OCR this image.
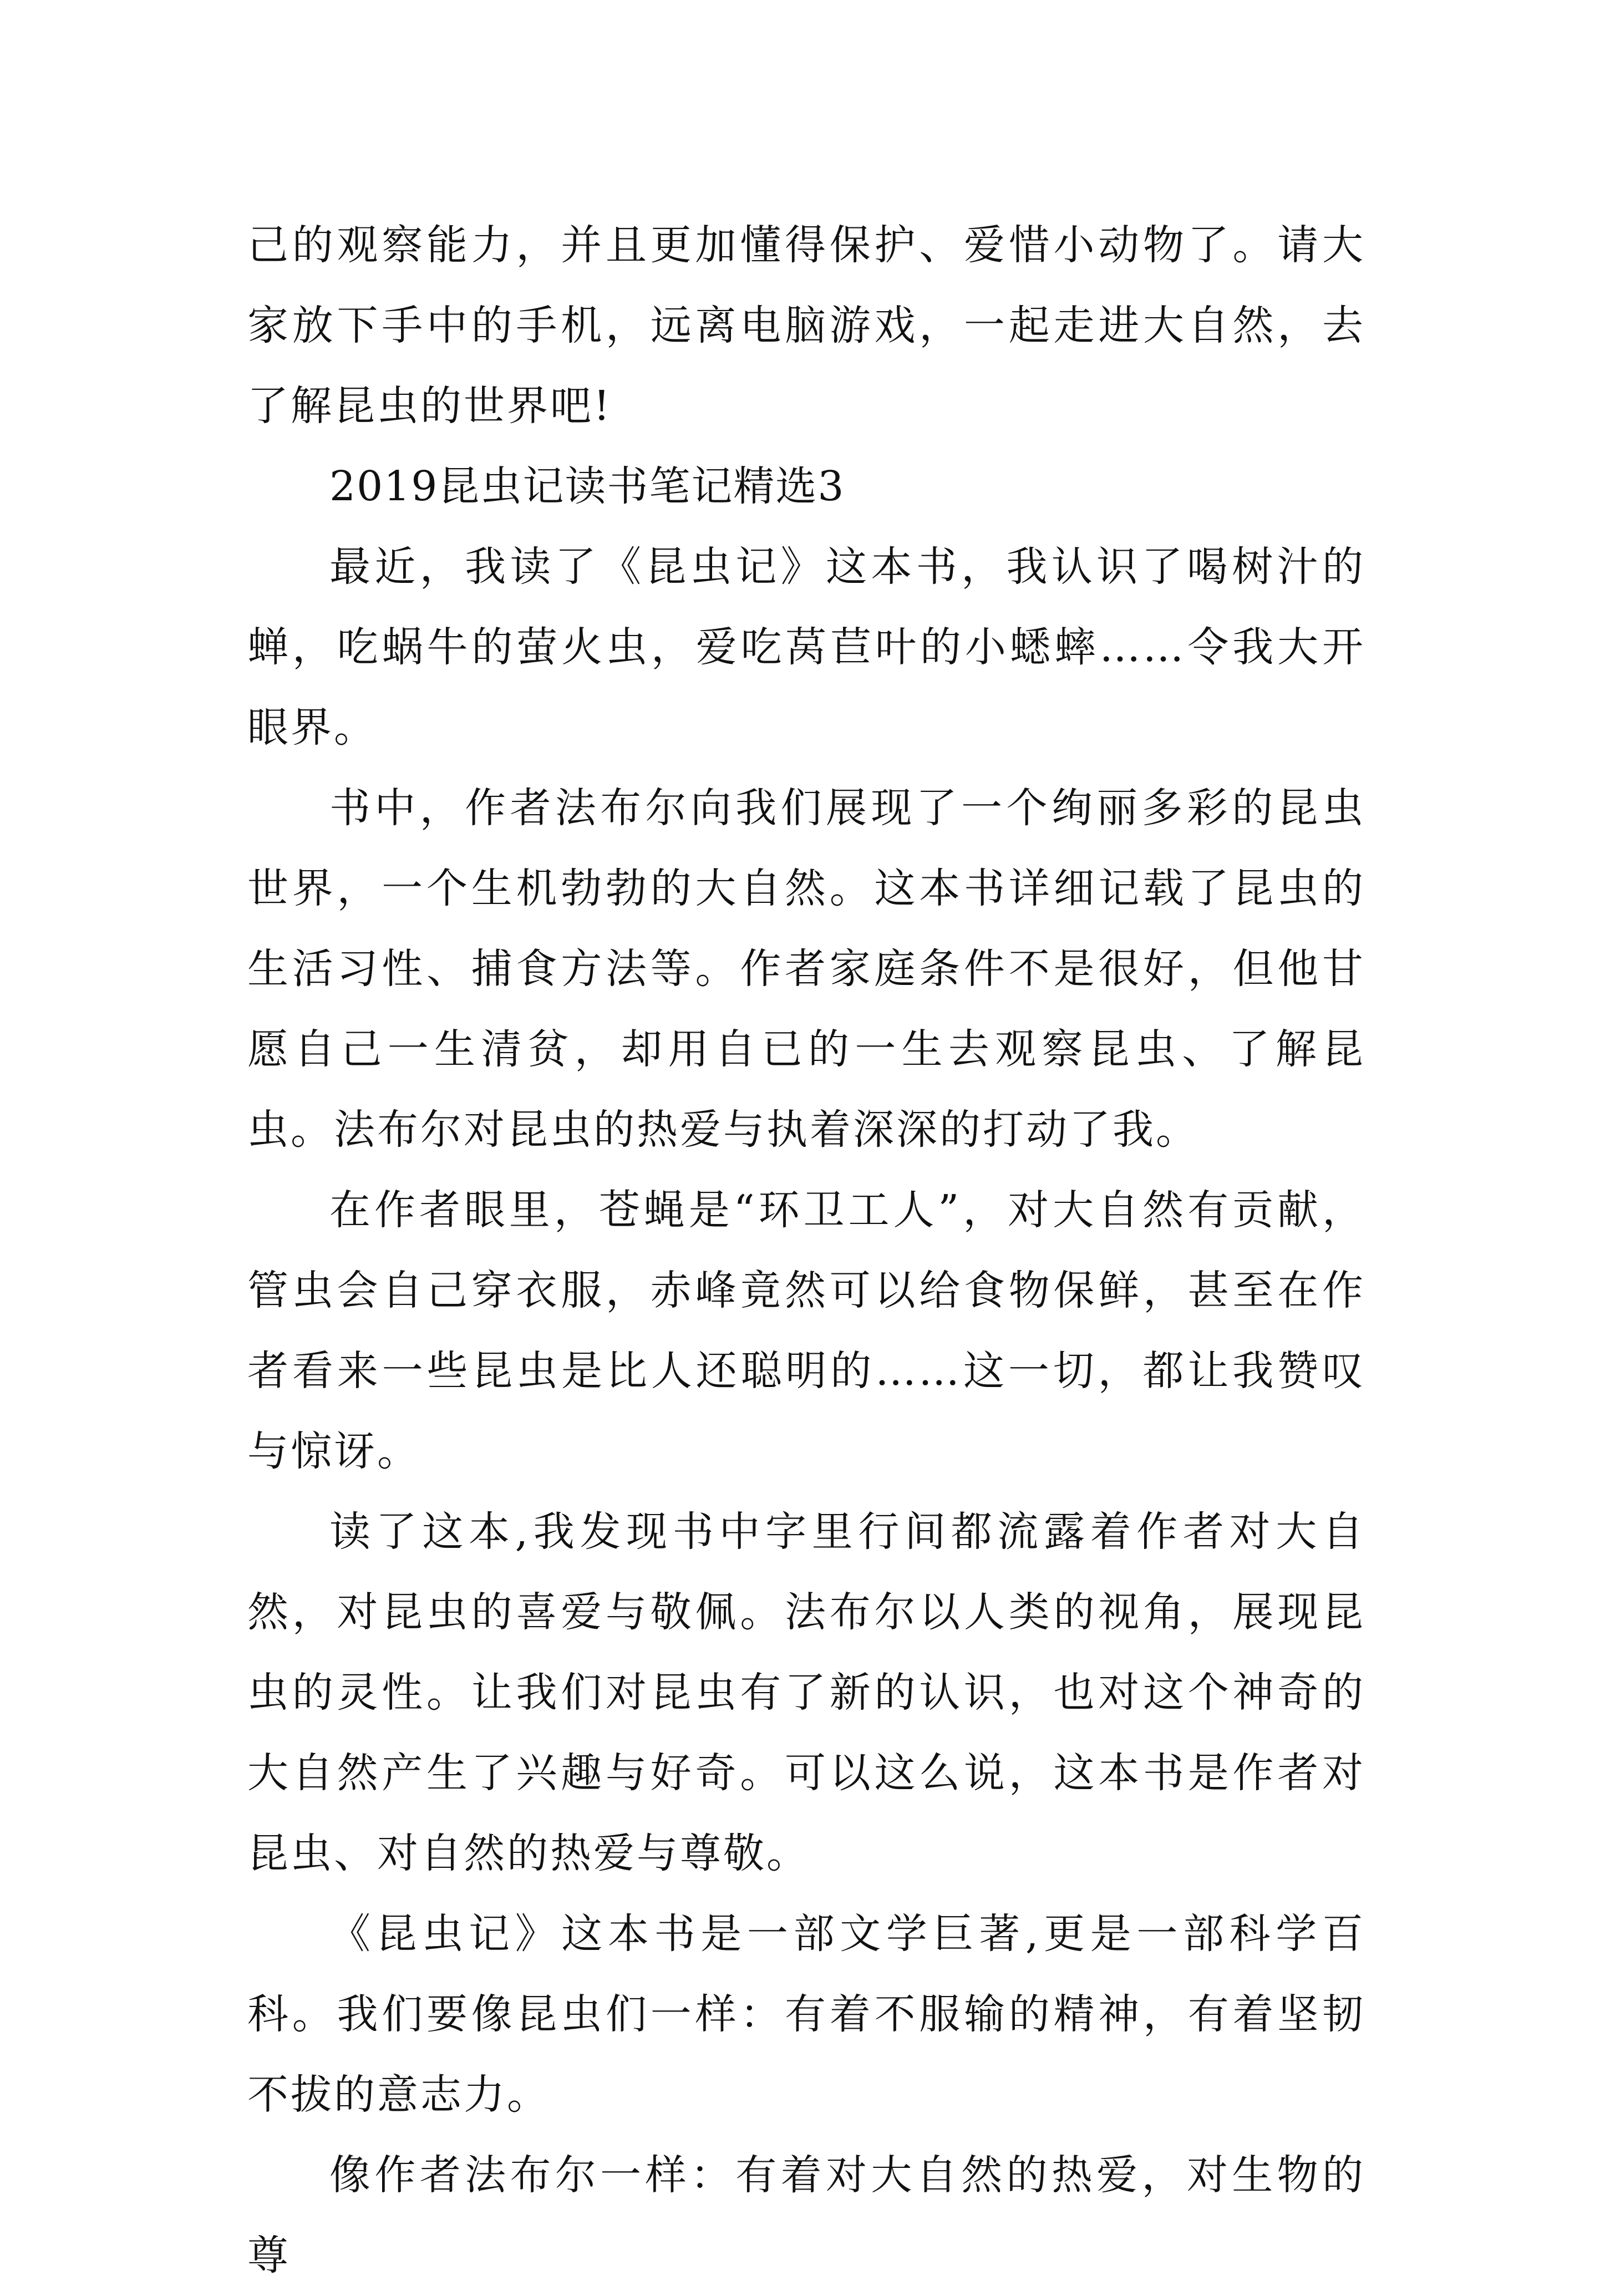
己的观察能力，并且更加懂得保护、爱惜小动物了。请大家放下手中的手机，远离电脑游戏，一起走进大自然，去了解昆虫的世界吧!

2019昆虫记读书笔记精选3

最近，我读了《昆虫记》这本书，我认识了喝树汁的蝉，吃蜗牛的萤火虫，爱吃莴苣叶的小蟋蟀……令我大开眼界。

书中，作者法布尔向我们展现了一个绚丽多彩的昆虫世界，一个生机勃勃的大自然。这本书详细记载了昆虫的生活习性、捕食方法等。作者家庭条件不是很好，但他甘愿自己一生清贫，却用自已的一生去观察昆虫、了解昆虫。法布尔对昆虫的热爱与执着深深的打动了我。

在作者眼里，苍蝇是“环卫工人”，对大自然有贡献，管虫会自己穿衣服，赤峰竟然可以给食物保鲜，甚至在作者看来一些昆虫是比人还聪明的……这一切，都让我赞叹与惊讶。

读了这本,我发现书中字里行间都流露着作者对大自然，对昆虫的喜爱与敬佩。法布尔以人类的视角，展现昆虫的灵性。让我们对昆虫有了新的认识，也对这个神奇的大自然产生了兴趣与好奇。可以这么说，这本书是作者对昆虫、对自然的热爱与尊敬。

《昆虫记》这本书是一部文学巨著,更是一部科学百科。我们要像昆虫们一样：有着不服输的精神，有着坚韧不拔的意志力。

像作者法布尔一样：有着对大自然的热爱，对生物的尊
